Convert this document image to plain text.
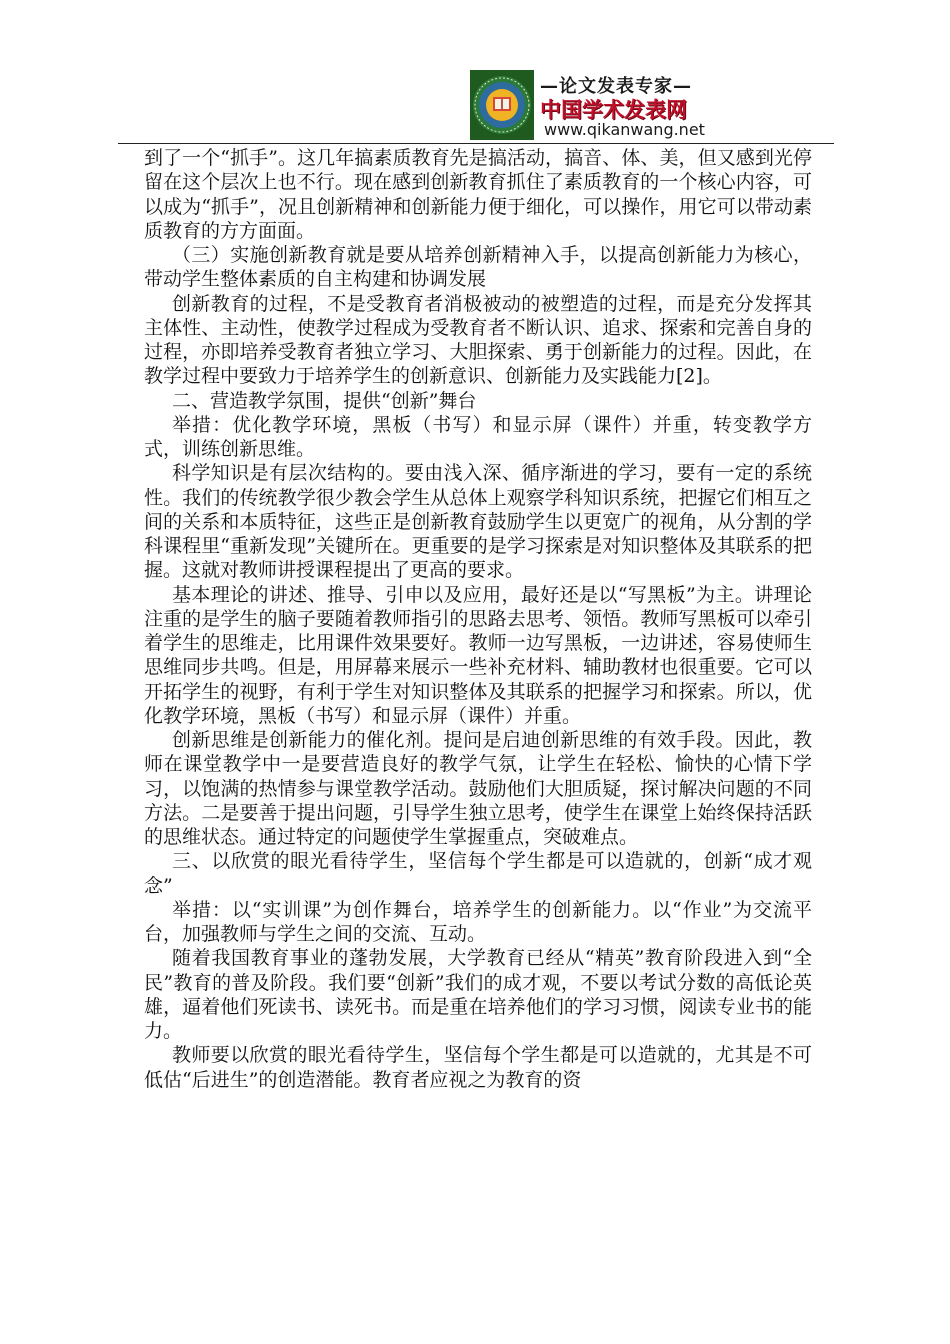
—论文发表专家—
中国学术发表网
www.qikanwang.net

到了一个“抓手”。这几年搞素质教育先是搞活动，搞音、体、美，但又感到光停留在这个层次上也不行。现在感到创新教育抓住了素质教育的一个核心内容，可以成为“抓手”，况且创新精神和创新能力便于细化，可以操作，用它可以带动素质教育的方方面面。

（三）实施创新教育就是要从培养创新精神入手，以提高创新能力为核心，带动学生整体素质的自主构建和协调发展

创新教育的过程，不是受教育者消极被动的被塑造的过程，而是充分发挥其主体性、主动性，使教学过程成为受教育者不断认识、追求、探索和完善自身的过程，亦即培养受教育者独立学习、大胆探索、勇于创新能力的过程。因此，在教学过程中要致力于培养学生的创新意识、创新能力及实践能力[2]。

二、营造教学氛围，提供“创新”舞台

举措：优化教学环境，黑板（书写）和显示屏（课件）并重，转变教学方式，训练创新思维。

科学知识是有层次结构的。要由浅入深、循序渐进的学习，要有一定的系统性。我们的传统教学很少教会学生从总体上观察学科知识系统，把握它们相互之间的关系和本质特征，这些正是创新教育鼓励学生以更宽广的视角，从分割的学科课程里“重新发现”关键所在。更重要的是学习探索是对知识整体及其联系的把握。这就对教师讲授课程提出了更高的要求。

基本理论的讲述、推导、引申以及应用，最好还是以“写黑板”为主。讲理论注重的是学生的脑子要随着教师指引的思路去思考、领悟。教师写黑板可以牵引着学生的思维走，比用课件效果要好。教师一边写黑板，一边讲述，容易使师生思维同步共鸣。但是，用屏幕来展示一些补充材料、辅助教材也很重要。它可以开拓学生的视野，有利于学生对知识整体及其联系的把握学习和探索。所以，优化教学环境，黑板（书写）和显示屏（课件）并重。

创新思维是创新能力的催化剂。提问是启迪创新思维的有效手段。因此，教师在课堂教学中一是要营造良好的教学气氛，让学生在轻松、愉快的心情下学习，以饱满的热情参与课堂教学活动。鼓励他们大胆质疑，探讨解决问题的不同方法。二是要善于提出问题，引导学生独立思考，使学生在课堂上始终保持活跃的思维状态。通过特定的问题使学生掌握重点，突破难点。

三、以欣赏的眼光看待学生，坚信每个学生都是可以造就的，创新“成才观念”

举措：以“实训课”为创作舞台，培养学生的创新能力。以“作业”为交流平台，加强教师与学生之间的交流、互动。

随着我国教育事业的蓬勃发展，大学教育已经从“精英”教育阶段进入到“全民”教育的普及阶段。我们要“创新”我们的成才观，不要以考试分数的高低论英雄，逼着他们死读书、读死书。而是重在培养他们的学习习惯，阅读专业书的能力。

教师要以欣赏的眼光看待学生，坚信每个学生都是可以造就的，尤其是不可低估“后进生”的创造潜能。教育者应视之为教育的资
